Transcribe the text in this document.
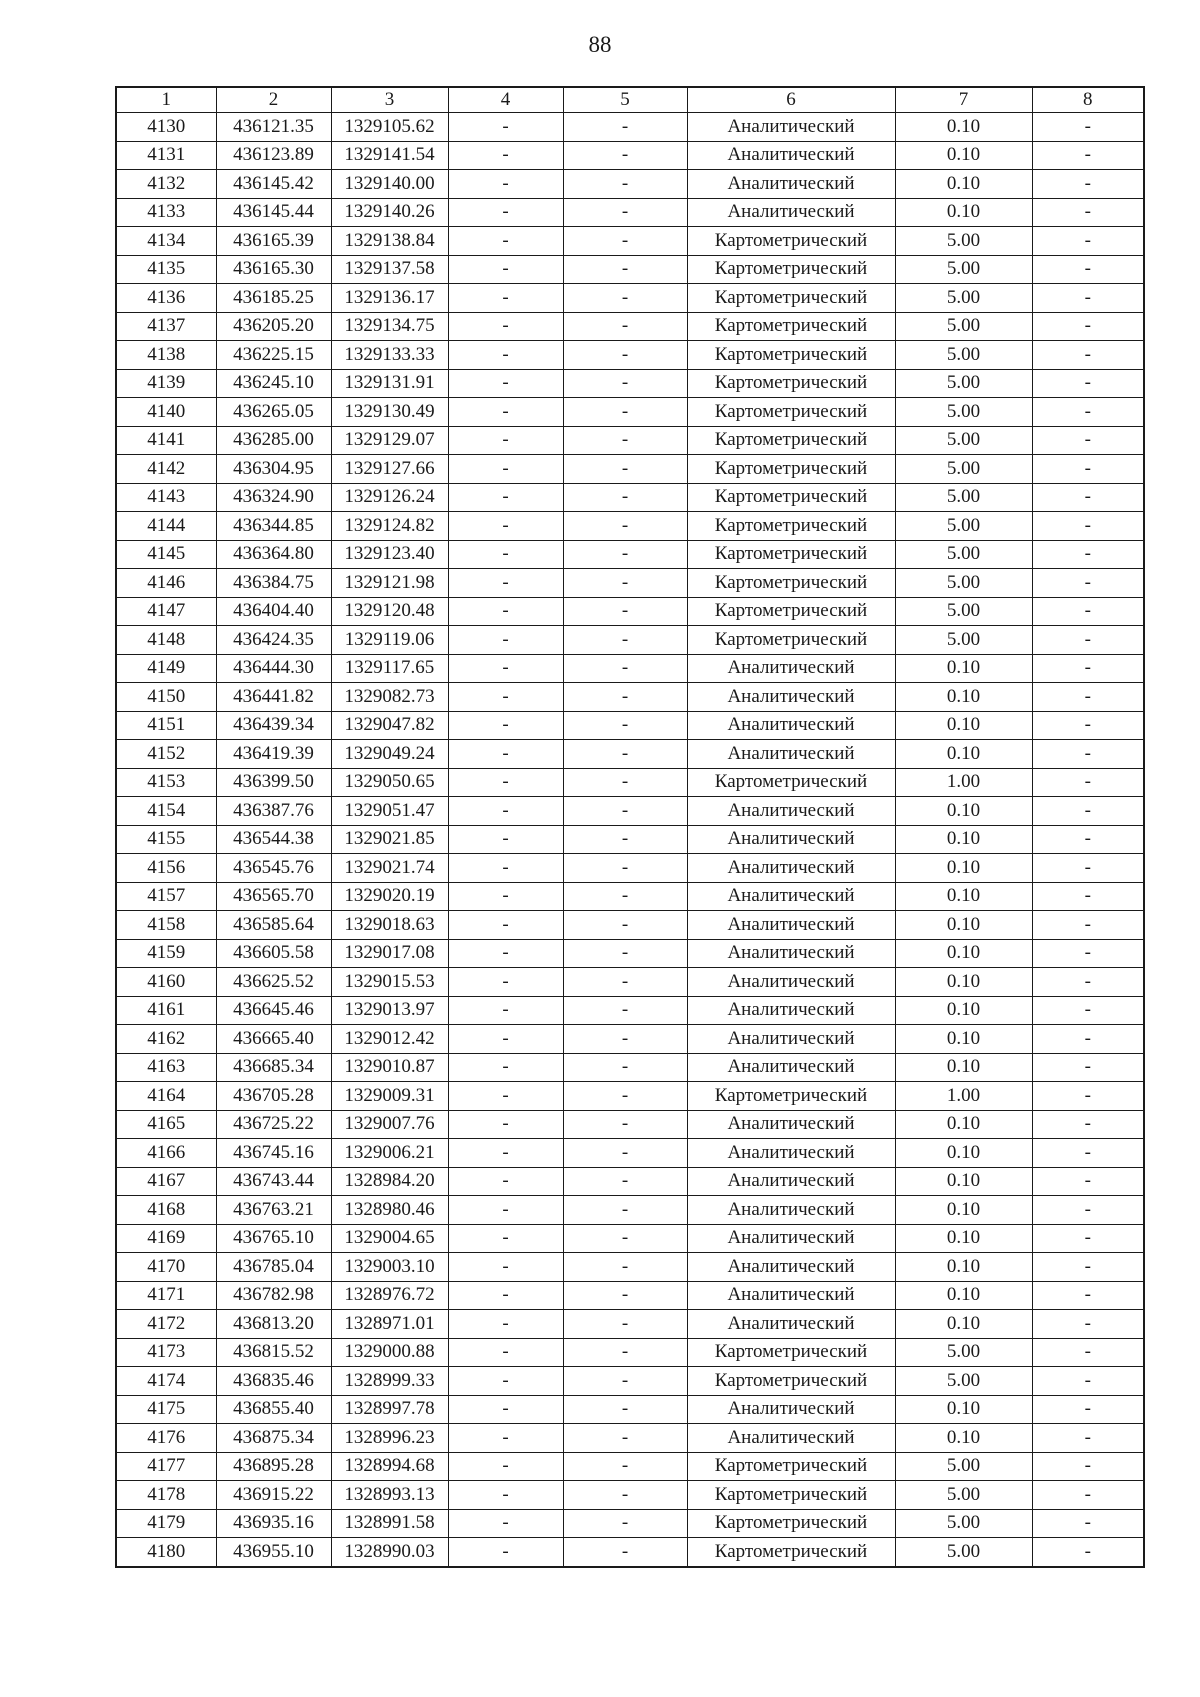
88
1	2	3	4	5	6	7	8
4130	436121.35	1329105.62	-	-	Аналитический	0.10	-
4131	436123.89	1329141.54	-	-	Аналитический	0.10	-
4132	436145.42	1329140.00	-	-	Аналитический	0.10	-
4133	436145.44	1329140.26	-	-	Аналитический	0.10	-
4134	436165.39	1329138.84	-	-	Картометрический	5.00	-
4135	436165.30	1329137.58	-	-	Картометрический	5.00	-
4136	436185.25	1329136.17	-	-	Картометрический	5.00	-
4137	436205.20	1329134.75	-	-	Картометрический	5.00	-
4138	436225.15	1329133.33	-	-	Картометрический	5.00	-
4139	436245.10	1329131.91	-	-	Картометрический	5.00	-
4140	436265.05	1329130.49	-	-	Картометрический	5.00	-
4141	436285.00	1329129.07	-	-	Картометрический	5.00	-
4142	436304.95	1329127.66	-	-	Картометрический	5.00	-
4143	436324.90	1329126.24	-	-	Картометрический	5.00	-
4144	436344.85	1329124.82	-	-	Картометрический	5.00	-
4145	436364.80	1329123.40	-	-	Картометрический	5.00	-
4146	436384.75	1329121.98	-	-	Картометрический	5.00	-
4147	436404.40	1329120.48	-	-	Картометрический	5.00	-
4148	436424.35	1329119.06	-	-	Картометрический	5.00	-
4149	436444.30	1329117.65	-	-	Аналитический	0.10	-
4150	436441.82	1329082.73	-	-	Аналитический	0.10	-
4151	436439.34	1329047.82	-	-	Аналитический	0.10	-
4152	436419.39	1329049.24	-	-	Аналитический	0.10	-
4153	436399.50	1329050.65	-	-	Картометрический	1.00	-
4154	436387.76	1329051.47	-	-	Аналитический	0.10	-
4155	436544.38	1329021.85	-	-	Аналитический	0.10	-
4156	436545.76	1329021.74	-	-	Аналитический	0.10	-
4157	436565.70	1329020.19	-	-	Аналитический	0.10	-
4158	436585.64	1329018.63	-	-	Аналитический	0.10	-
4159	436605.58	1329017.08	-	-	Аналитический	0.10	-
4160	436625.52	1329015.53	-	-	Аналитический	0.10	-
4161	436645.46	1329013.97	-	-	Аналитический	0.10	-
4162	436665.40	1329012.42	-	-	Аналитический	0.10	-
4163	436685.34	1329010.87	-	-	Аналитический	0.10	-
4164	436705.28	1329009.31	-	-	Картометрический	1.00	-
4165	436725.22	1329007.76	-	-	Аналитический	0.10	-
4166	436745.16	1329006.21	-	-	Аналитический	0.10	-
4167	436743.44	1328984.20	-	-	Аналитический	0.10	-
4168	436763.21	1328980.46	-	-	Аналитический	0.10	-
4169	436765.10	1329004.65	-	-	Аналитический	0.10	-
4170	436785.04	1329003.10	-	-	Аналитический	0.10	-
4171	436782.98	1328976.72	-	-	Аналитический	0.10	-
4172	436813.20	1328971.01	-	-	Аналитический	0.10	-
4173	436815.52	1329000.88	-	-	Картометрический	5.00	-
4174	436835.46	1328999.33	-	-	Картометрический	5.00	-
4175	436855.40	1328997.78	-	-	Аналитический	0.10	-
4176	436875.34	1328996.23	-	-	Аналитический	0.10	-
4177	436895.28	1328994.68	-	-	Картометрический	5.00	-
4178	436915.22	1328993.13	-	-	Картометрический	5.00	-
4179	436935.16	1328991.58	-	-	Картометрический	5.00	-
4180	436955.10	1328990.03	-	-	Картометрический	5.00	-
